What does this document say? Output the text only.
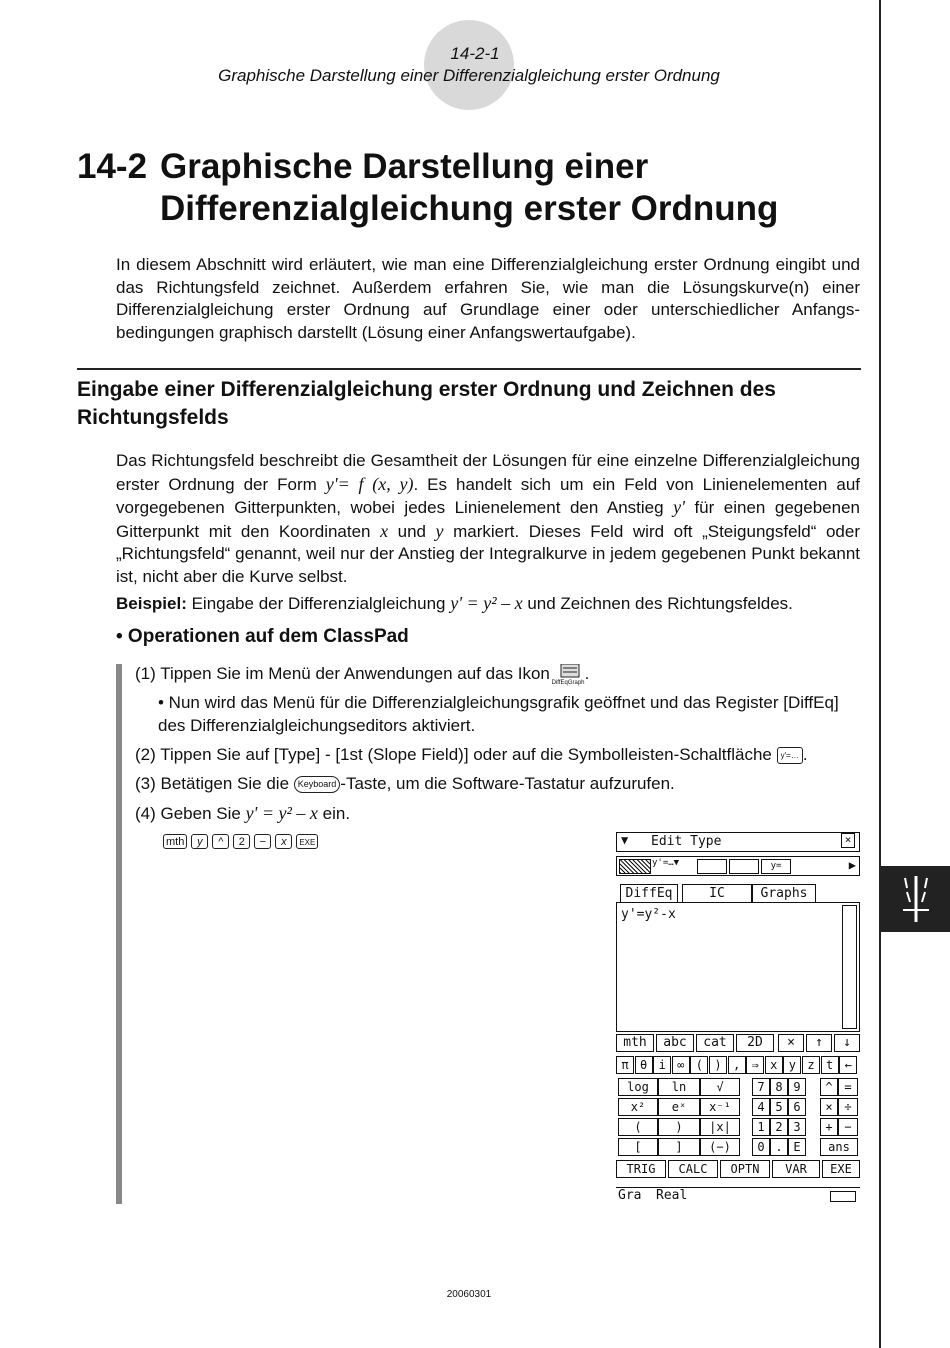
14-2-1
Graphische Darstellung einer Differenzialgleichung erster Ordnung
14-2 Graphische Darstellung einer
Differenzialgleichung erster Ordnung

In diesem Abschnitt wird erläutert, wie man eine Differenzialgleichung erster Ordnung eingibt und das Richtungsfeld zeichnet. Außerdem erfahren Sie, wie man die Lösungskurve(n) einer Differenzialgleichung erster Ordnung auf Grundlage einer oder unterschiedlicher Anfangsbedingungen graphisch darstellt (Lösung einer Anfangswertaufgabe).

Eingabe einer Differenzialgleichung erster Ordnung und Zeichnen des Richtungsfelds

Das Richtungsfeld beschreibt die Gesamtheit der Lösungen für eine einzelne Differenzialgleichung erster Ordnung der Form y'= f (x, y). Es handelt sich um ein Feld von Linienelementen auf vorgegebenen Gitterpunkten, wobei jedes Linienelement den Anstieg y' für einen gegebenen Gitterpunkt mit den Koordinaten x und y markiert. Dieses Feld wird oft „Steigungsfeld“ oder „Richtungsfeld“ genannt, weil nur der Anstieg der Integralkurve in jedem gegebenen Punkt bekannt ist, nicht aber die Kurve selbst.

Beispiel: Eingabe der Differenzialgleichung y' = y² – x und Zeichnen des Richtungsfeldes.

• Operationen auf dem ClassPad
(1) Tippen Sie im Menü der Anwendungen auf das Ikon DiffEqGraph .
• Nun wird das Menü für die Differenzialgleichungsgrafik geöffnet und das Register [DiffEq] des Differenzialgleichungseditors aktiviert.
(2) Tippen Sie auf [Type] - [1st (Slope Field)] oder auf die Symbolleisten-Schaltfläche y'=… .
(3) Betätigen Sie die Keyboard -Taste, um die Software-Tastatur aufzurufen.
(4) Geben Sie y' = y² – x ein.
mth y ^ 2 − x EXE	▼ Edit Type	×
y'=…▼	y=	▶
DiffEq	IC	Graphs
y'=y²-x
mth	abc	cat	2D	×	↑	↓
π θ i ∞ ( ) , ⇒ x y z t ←
log	ln	√	7 8 9	^ =
x²	eˣ	x⁻¹	4 5 6	× ÷
(	)	|x|	1 2 3	+ −
[	]	(−)	0 . E	ans
TRIG	CALC	OPTN	VAR	EXE
Gra Real
20060301
